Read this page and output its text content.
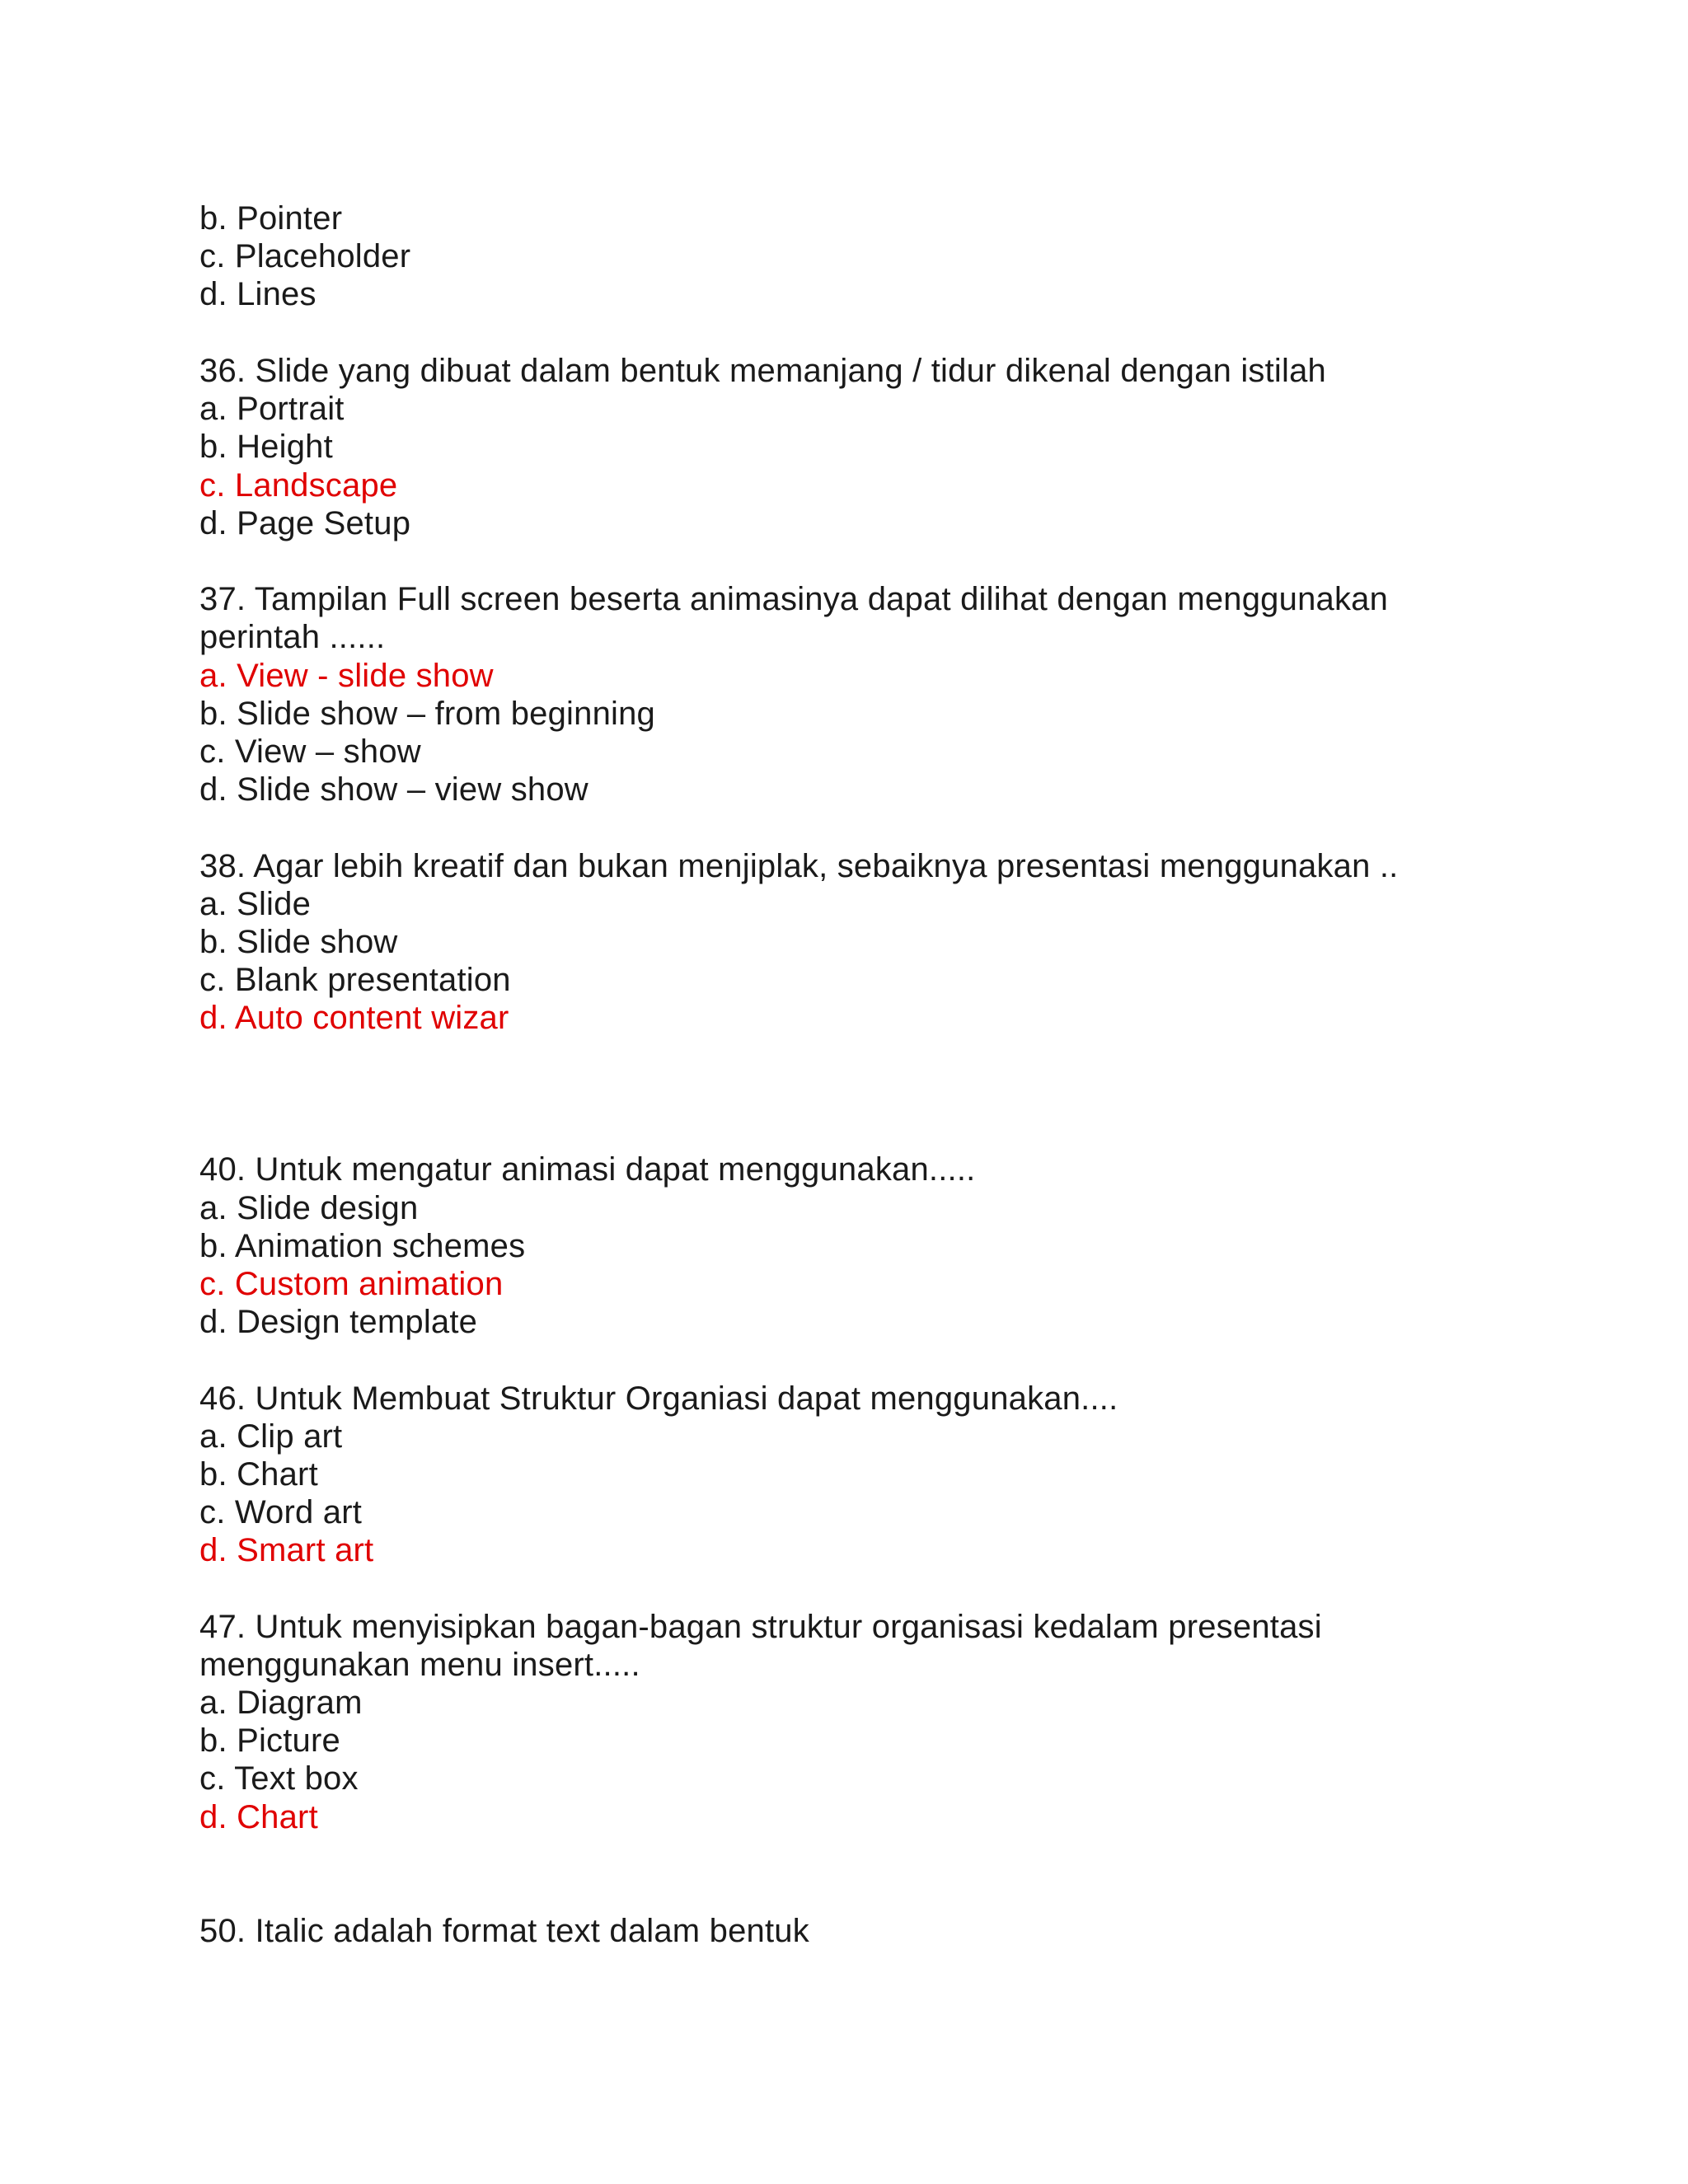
b. Pointer
c. Placeholder
d. Lines
36. Slide yang dibuat dalam bentuk memanjang / tidur dikenal dengan istilah
a. Portrait
b. Height
c. Landscape
d. Page Setup
37. Tampilan Full screen beserta animasinya dapat dilihat dengan menggunakan
perintah ......
a. View - slide show
b. Slide show – from beginning
c. View – show
d. Slide show – view show
38. Agar lebih kreatif dan bukan menjiplak, sebaiknya presentasi menggunakan ..
a. Slide
b. Slide show
c. Blank presentation
d. Auto content wizar
40. Untuk mengatur animasi dapat menggunakan.....
a. Slide design
b. Animation schemes
c. Custom animation
d. Design template
46. Untuk Membuat Struktur Organiasi dapat menggunakan....
a. Clip art
b. Chart
c. Word art
d. Smart art
47. Untuk menyisipkan bagan-bagan struktur organisasi kedalam presentasi
menggunakan menu insert.....
a. Diagram
b. Picture
c. Text box
d. Chart
50. Italic adalah format text dalam bentuk
